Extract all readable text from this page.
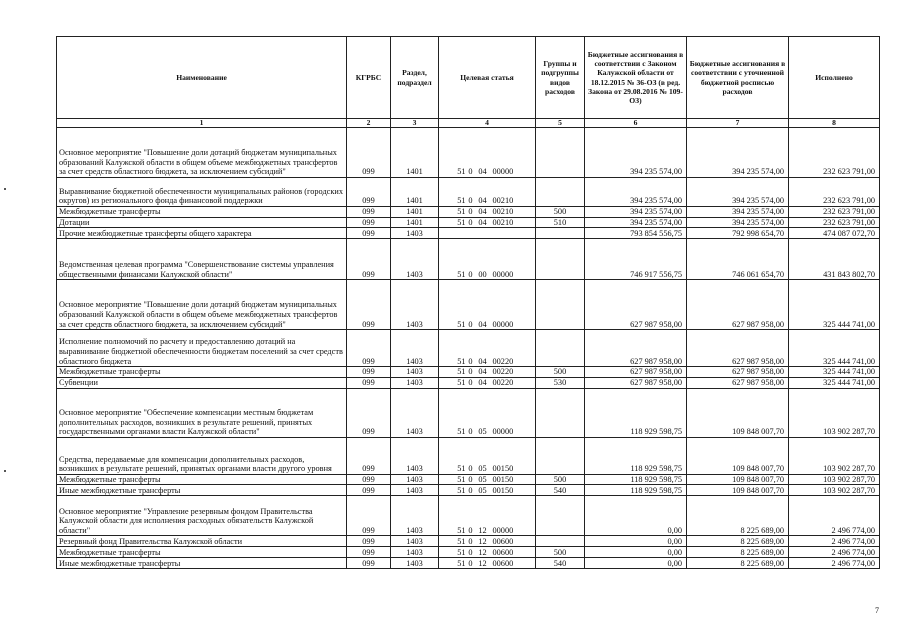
Наименование	КГРБС	Раздел, подраздел	Целевая статья	Группы и подгруппы видов расходов	Бюджетные ассигнования в соответствии с Законом Калужской области от 18.12.2015 № 36-ОЗ (в ред. Закона от 29.08.2016 № 109-ОЗ)	Бюджетные ассигнования в соответствии с уточненной бюджетной росписью расходов	Исполнено
1	2	3	4	5	6	7	8
Основное мероприятие "Повышение доли дотаций бюджетам муниципальных образований Калужской области в общем объеме межбюджетных трансфертов за счет средств областного бюджета, за исключением субсидий"	099	1401	51 0 04 00000		394 235 574,00	394 235 574,00	232 623 791,00
Выравнивание бюджетной обеспеченности муниципальных районов (городских округов) из регионального фонда финансовой поддержки	099	1401	51 0 04 00210		394 235 574,00	394 235 574,00	232 623 791,00
Межбюджетные трансферты	099	1401	51 0 04 00210	500	394 235 574,00	394 235 574,00	232 623 791,00
Дотации	099	1401	51 0 04 00210	510	394 235 574,00	394 235 574,00	232 623 791,00
Прочие межбюджетные трансферты общего характера	099	1403			793 854 556,75	792 998 654,70	474 087 072,70
Ведомственная целевая программа "Совершенствование системы управления общественными финансами Калужской области"	099	1403	51 0 00 00000		746 917 556,75	746 061 654,70	431 843 802,70
Основное мероприятие "Повышение доли дотаций бюджетам муниципальных образований Калужской области в общем объеме межбюджетных трансфертов за счет средств областного бюджета, за исключением субсидий"	099	1403	51 0 04 00000		627 987 958,00	627 987 958,00	325 444 741,00
Исполнение полномочий по расчету и предоставлению дотаций на выравнивание бюджетной обеспеченности бюджетам поселений за счет средств областного бюджета	099	1403	51 0 04 00220		627 987 958,00	627 987 958,00	325 444 741,00
Межбюджетные трансферты	099	1403	51 0 04 00220	500	627 987 958,00	627 987 958,00	325 444 741,00
Субвенции	099	1403	51 0 04 00220	530	627 987 958,00	627 987 958,00	325 444 741,00
Основное мероприятие "Обеспечение компенсации местным бюджетам дополнительных расходов, возникших в результате решений, принятых государственными органами власти Калужской области"	099	1403	51 0 05 00000		118 929 598,75	109 848 007,70	103 902 287,70
Средства, передаваемые для компенсации дополнительных расходов, возникших в результате решений, принятых органами власти другого уровня	099	1403	51 0 05 00150		118 929 598,75	109 848 007,70	103 902 287,70
Межбюджетные трансферты	099	1403	51 0 05 00150	500	118 929 598,75	109 848 007,70	103 902 287,70
Иные межбюджетные трансферты	099	1403	51 0 05 00150	540	118 929 598,75	109 848 007,70	103 902 287,70
Основное мероприятие "Управление резервным фондом Правительства Калужской области для исполнения расходных обязательств Калужской области"	099	1403	51 0 12 00000		0,00	8 225 689,00	2 496 774,00
Резервный фонд Правительства Калужской области	099	1403	51 0 12 00600		0,00	8 225 689,00	2 496 774,00
Межбюджетные трансферты	099	1403	51 0 12 00600	500	0,00	8 225 689,00	2 496 774,00
Иные межбюджетные трансферты	099	1403	51 0 12 00600	540	0,00	8 225 689,00	2 496 774,00
7
